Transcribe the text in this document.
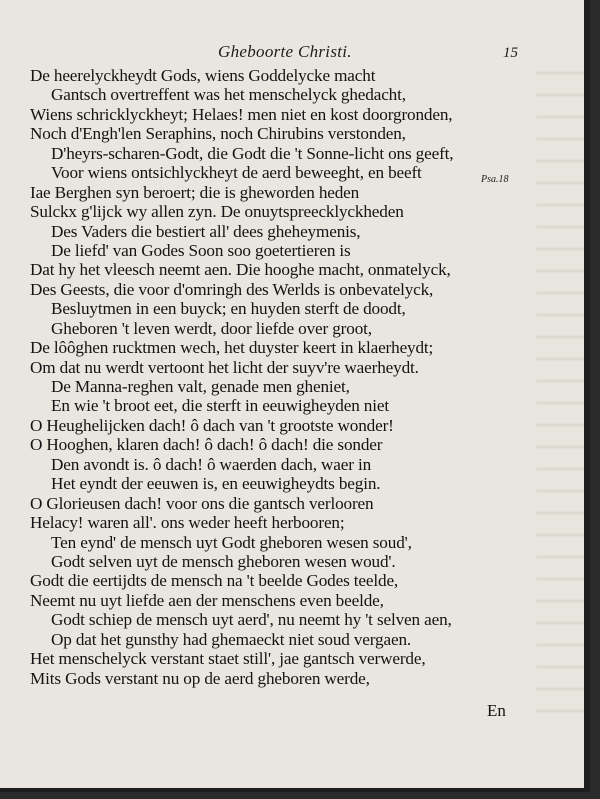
Gheboorte Christi.	15
De heerelyckheydt Gods, wiens Goddelycke macht
Gantsch overtreffent was het menschelyck ghedacht,
Wiens schricklyckheyt; Helaes! men niet en kost doorgronden,
Noch d'Engh'len Seraphins, noch Chirubins verstonden,
D'heyrs-scharen-Godt, die Godt die 't Sonne-licht ons geeft,
Voor wiens ontsichlyckheyt de aerd beweeght, en beeft
Iae Berghen syn beroert; die is gheworden heden
Sulckx g'lijck wy allen zyn. De onuytspreecklyckheden
Des Vaders die bestiert all' dees gheheymenis,
De liefd' van Godes Soon soo goetertieren is
Dat hy het vleesch neemt aen. Die hooghe macht, onmatelyck,
Des Geests, die voor d'omringh des Werlds is onbevatelyck,
Besluytmen in een buyck; en huyden sterft de doodt,
Gheboren 't leven werdt, door liefde over groot,
De lôôghen rucktmen wech, het duyster keert in klaerheydt;
Om dat nu werdt vertoont het licht der suyv're waerheydt.
De Manna-reghen valt, genade men gheniet,
En wie 't broot eet, die sterft in eeuwigheyden niet
O Heughelijcken dach! ô dach van 't grootste wonder!
O Hooghen, klaren dach! ô dach! ô dach! die sonder
Den avondt is. ô dach! ô waerden dach, waer in
Het eyndt der eeuwen is, en eeuwigheydts begin.
O Glorieusen dach! voor ons die gantsch verlooren
Helacy! waren all'. ons weder heeft herbooren;
Ten eynd' de mensch uyt Godt gheboren wesen soud',
Godt selven uyt de mensch gheboren wesen woud'.
Godt die eertijdts de mensch na 't beelde Godes teelde,
Neemt nu uyt liefde aen der menschens even beelde,
Godt schiep de mensch uyt aerd', nu neemt hy 't selven aen,
Op dat het gunsthy had ghemaeckt niet soud vergaen.
Het menschelyck verstant staet still', jae gantsch verwerde,
Mits Gods verstant nu op de aerd gheboren werde,
Psa.18
En
